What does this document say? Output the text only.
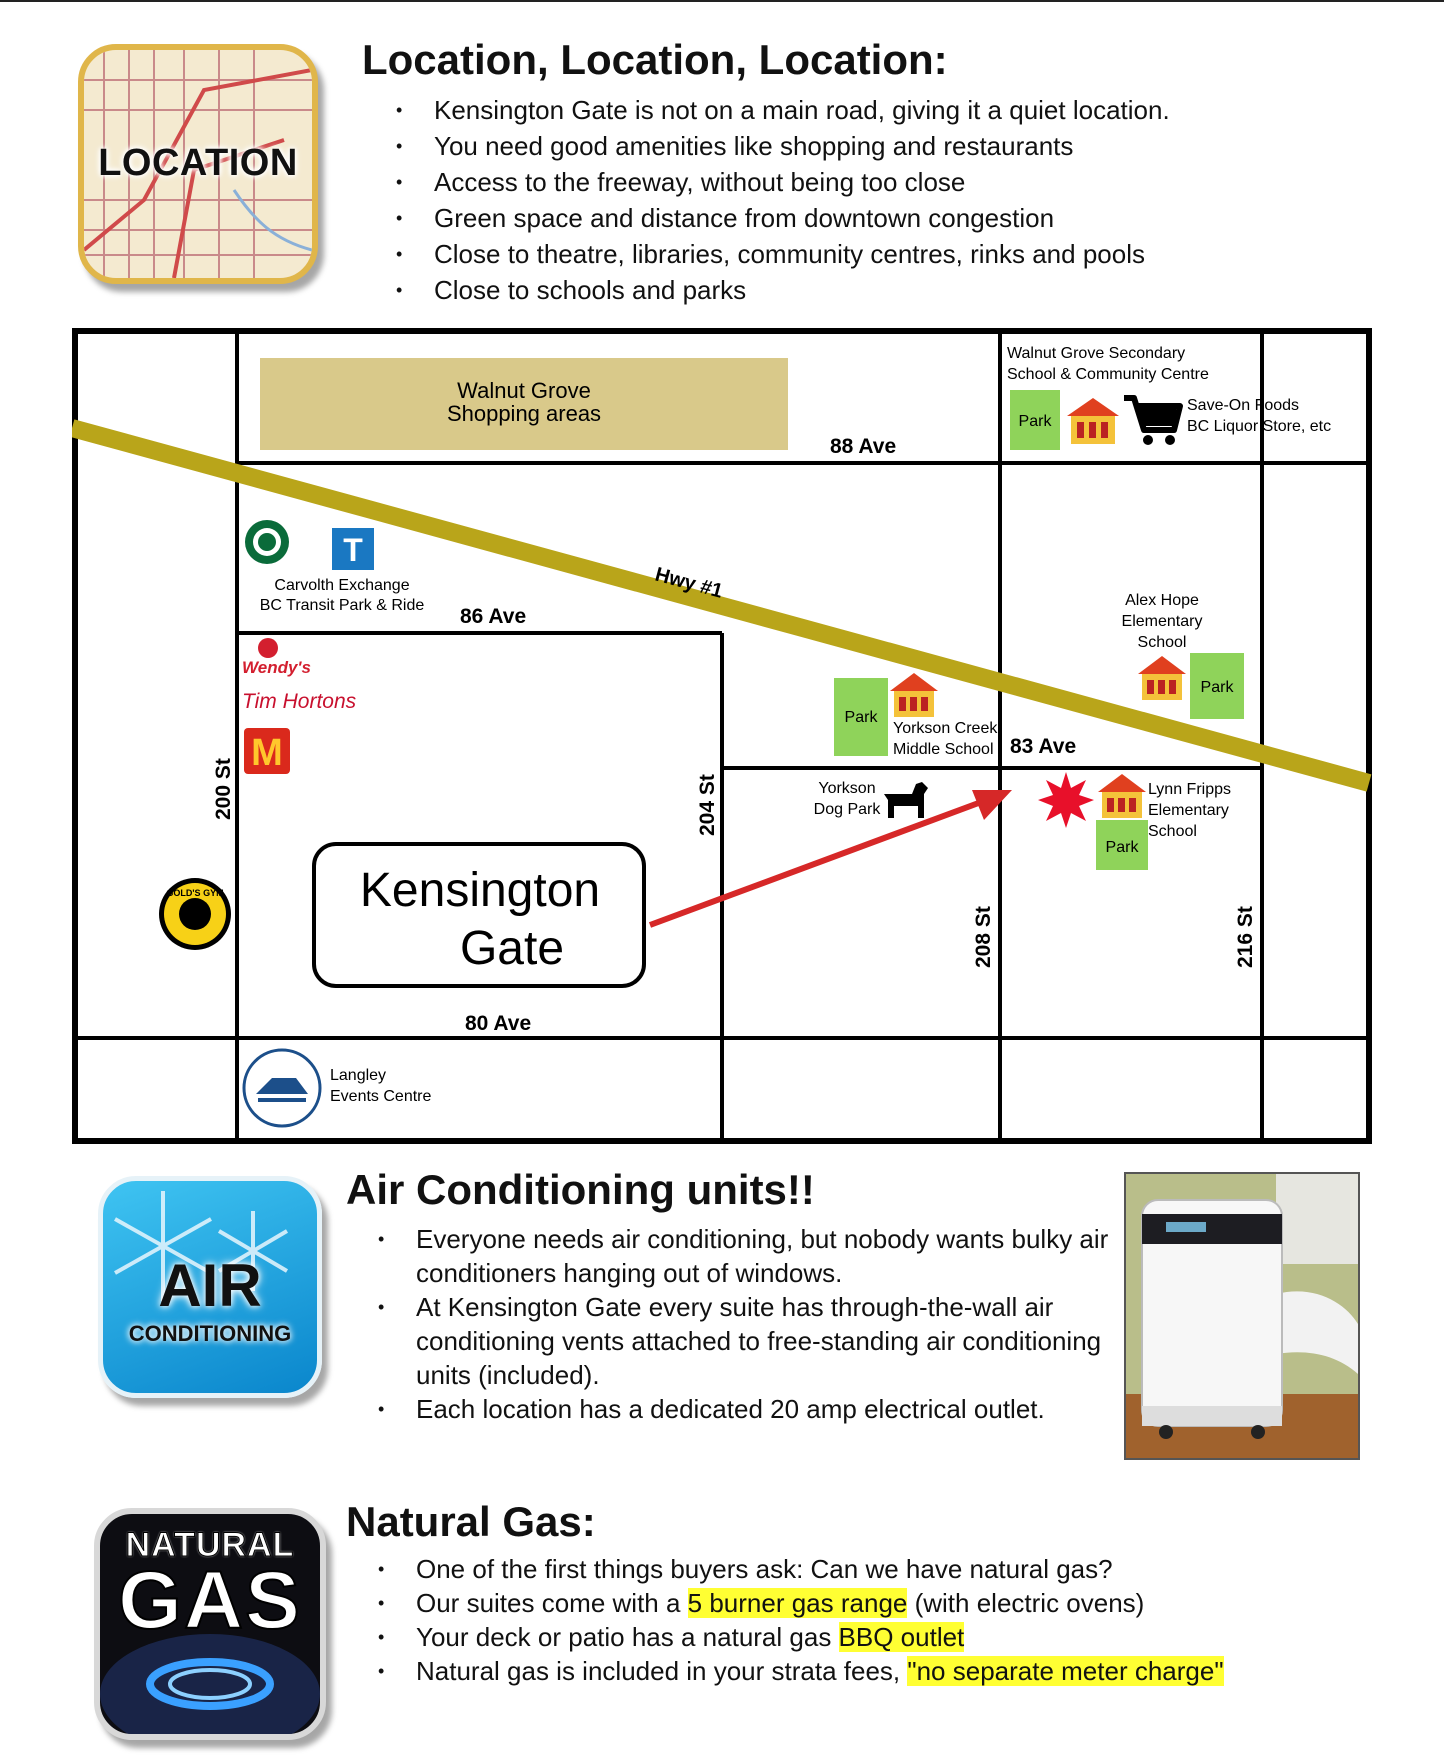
LOCATION
Location, Location, Location:
• Kensington Gate is not on a main road, giving it a quiet location.
• You need good amenities like shopping and restaurants
• Access to the freeway, without being too close
• Green space and distance from downtown congestion
• Close to theatre, libraries, community centres, rinks and pools
• Close to schools and parks
Hwy #1
Walnut Grove
Shopping areas
88 Ave
86 Ave
83 Ave
80 Ave
200 St	204 St
208 St	216 St
Walnut Grove Secondary
School & Community Centre
Park
Save-On Foods
BC Liquor Store, etc
T
Carvolth Exchange
BC Transit Park & Ride
Wendy's
Tim Hortons
M
GOLD'S GYM
Alex Hope
Elementary
School
Park
Park
Yorkson Creek
Middle School
Yorkson
Dog Park
Park
Lynn Fripps
Elementary
School
Kensington
Gate
Langley
Events Centre
AIR
CONDITIONING
Air Conditioning units!!
• Everyone needs air conditioning, but nobody wants bulky air conditioners hanging out of windows.
• At Kensington Gate every suite has through-the-wall air conditioning vents attached to free-standing air conditioning units (included).
• Each location has a dedicated 20 amp electrical outlet.
NATURAL
GAS
Natural Gas:
• One of the first things buyers ask: Can we have natural gas?
• Our suites come with a 5 burner gas range (with electric ovens)
• Your deck or patio has a natural gas BBQ outlet
• Natural gas is included in your strata fees, "no separate meter charge"
